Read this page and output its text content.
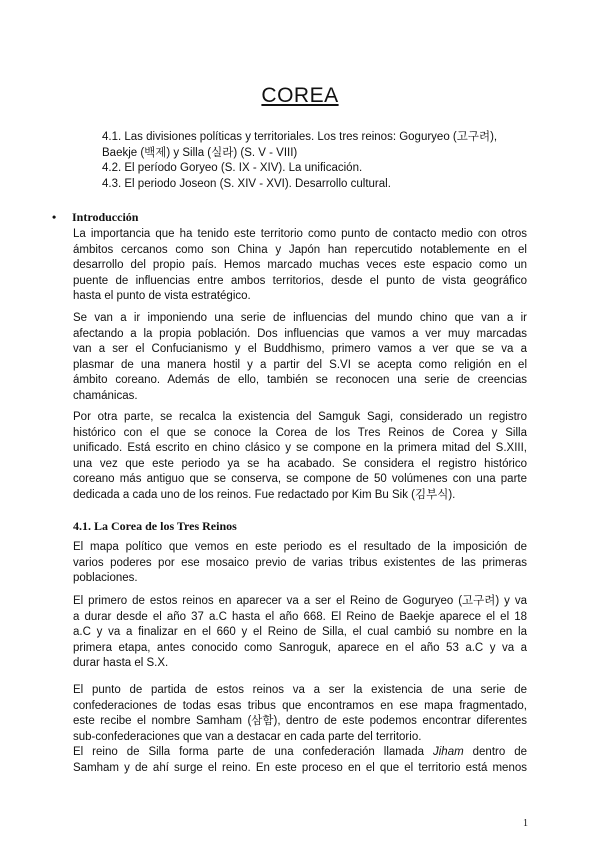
COREA
4.1. Las divisiones políticas y territoriales. Los tres reinos: Goguryeo (고구려),
Baekje (백제) y Silla (실라) (S. V - VIII)
4.2. El período Goryeo (S. IX - XIV). La unificación.
4.3. El periodo Joseon (S. XIV - XVI). Desarrollo cultural.
• Introducción
La importancia que ha tenido este territorio como punto de contacto medio con otros
ámbitos cercanos como son China y Japón han repercutido notablemente en el
desarrollo del propio país. Hemos marcado muchas veces este espacio como un
puente de influencias entre ambos territorios, desde el punto de vista geográfico
hasta el punto de vista estratégico.
Se van a ir imponiendo una serie de influencias del mundo chino que van a ir
afectando a la propia población. Dos influencias que vamos a ver muy marcadas
van a ser el Confucianismo y el Buddhismo, primero vamos a ver que se va a
plasmar de una manera hostil y a partir del S.VI se acepta como religión en el
ámbito coreano. Además de ello, también se reconocen una serie de creencias
chamánicas.
Por otra parte, se recalca la existencia del Samguk Sagi, considerado un registro
histórico con el que se conoce la Corea de los Tres Reinos de Corea y Silla
unificado. Está escrito en chino clásico y se compone en la primera mitad del S.XIII,
una vez que este periodo ya se ha acabado. Se considera el registro histórico
coreano más antiguo que se conserva, se compone de 50 volúmenes con una parte
dedicada a cada uno de los reinos. Fue redactado por Kim Bu Sik (김부식).
4.1. La Corea de los Tres Reinos
El mapa político que vemos en este periodo es el resultado de la imposición de
varios poderes por ese mosaico previo de varias tribus existentes de las primeras
poblaciones.
El primero de estos reinos en aparecer va a ser el Reino de Goguryeo (고구려) y va
a durar desde el año 37 a.C hasta el año 668. El Reino de Baekje aparece el el 18
a.C y va a finalizar en el 660 y el Reino de Silla, el cual cambió su nombre en la
primera etapa, antes conocido como Sanroguk, aparece en el año 53 a.C y va a
durar hasta el S.X.
El punto de partida de estos reinos va a ser la existencia de una serie de
confederaciones de todas esas tribus que encontramos en ese mapa fragmentado,
este recibe el nombre Samham (삼함), dentro de este podemos encontrar diferentes
sub-confederaciones que van a destacar en cada parte del territorio.
El reino de Silla forma parte de una confederación llamada Jiham dentro de
Samham y de ahí surge el reino. En este proceso en el que el territorio está menos
1
